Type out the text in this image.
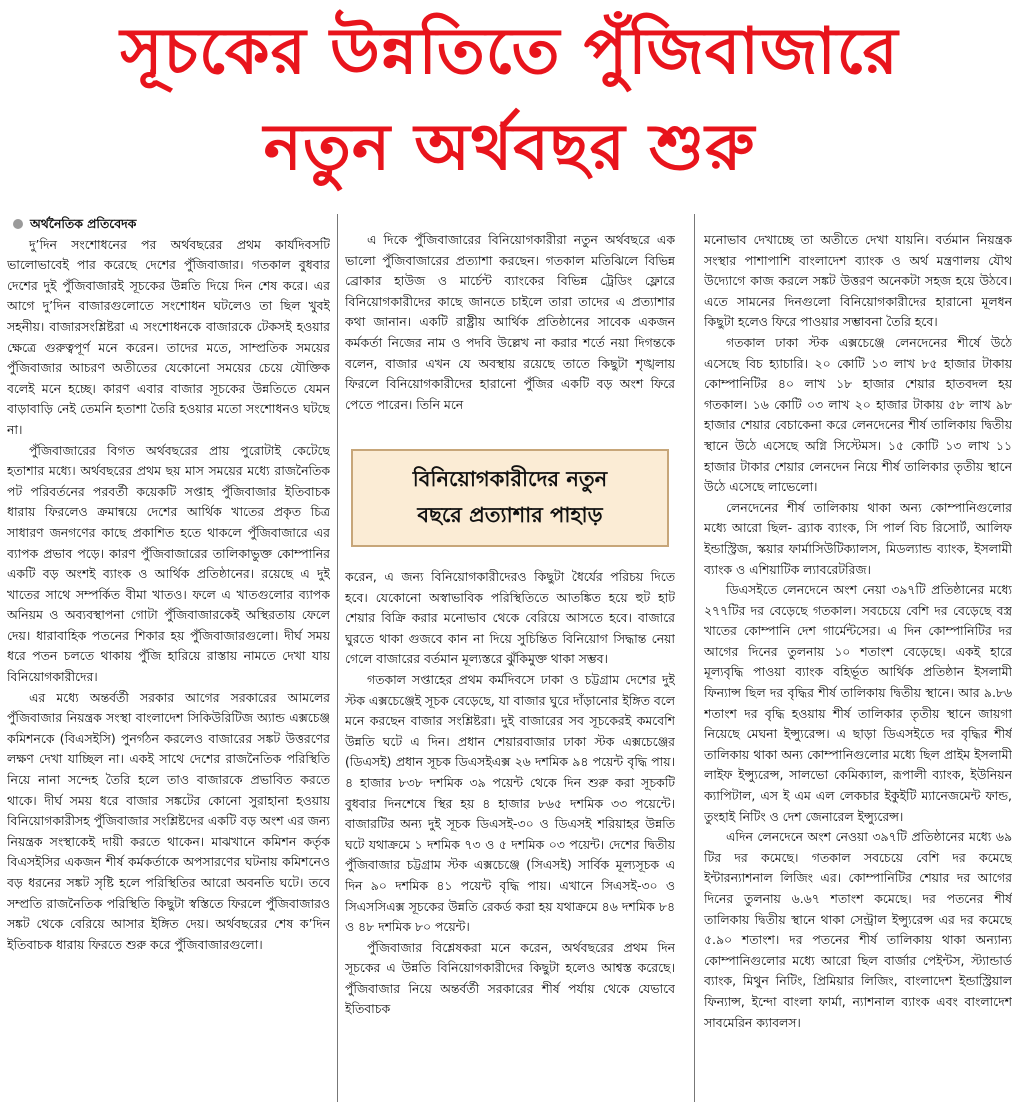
সূচকের উন্নতিতে পুঁজিবাজারে
নতুন অর্থবছর শুরু

অর্থনৈতিক প্রতিবেদক

দু’দিন সংশোধনের পর অর্থবছরের প্রথম কার্যদিবসটি ভালোভাবেই পার করেছে দেশের পুঁজিবাজার। গতকাল বুধবার দেশের দুই পুঁজিবাজারই সূচকের উন্নতি দিয়ে দিন শেষ করে। এর আগে দু’দিন বাজারগুলোতে সংশোধন ঘটলেও তা ছিল খুবই সহনীয়। বাজারসংশ্লিষ্টরা এ সংশোধনকে বাজারকে টেকসই হওয়ার ক্ষেত্রে গুরুত্বপূর্ণ মনে করেন। তাদের মতে, সাম্প্রতিক সময়ের পুঁজিবাজার আচরণ অতীতের যেকোনো সময়ের চেয়ে যৌক্তিক বলেই মনে হচ্ছে। কারণ এবার বাজার সূচকের উন্নতিতে যেমন বাড়াবাড়ি নেই তেমনি হতাশা তৈরি হওয়ার মতো সংশোধনও ঘটছে না।

পুঁজিবাজারের বিগত অর্থবছরের প্রায় পুরোটাই কেটেছে হতাশার মধ্যে। অর্থবছরের প্রথম ছয় মাস সময়ের মধ্যে রাজনৈতিক পট পরিবর্তনের পরবর্তী কয়েকটি সপ্তাহ পুঁজিবাজার ইতিবাচক ধারায় ফিরলেও ক্রমান্বয়ে দেশের আর্থিক খাতের প্রকৃত চিত্র সাধারণ জনগণের কাছে প্রকাশিত হতে থাকলে পুঁজিবাজারে এর ব্যাপক প্রভাব পড়ে। কারণ পুঁজিবাজারের তালিকাভুক্ত কোম্পানির একটি বড় অংশই ব্যাংক ও আর্থিক প্রতিষ্ঠানের। রয়েছে এ দুই খাতের সাথে সম্পর্কিত বীমা খাতও। ফলে এ খাতগুলোর ব্যাপক অনিয়ম ও অব্যবস্থাপনা গোটা পুঁজিবাজারকেই অস্থিরতায় ফেলে দেয়। ধারাবাহিক পতনের শিকার হয় পুঁজিবাজারগুলো। দীর্ঘ সময় ধরে পতন চলতে থাকায় পুঁজি হারিয়ে রাস্তায় নামতে দেখা যায় বিনিয়োগকারীদের।

এর মধ্যে অন্তর্বর্তী সরকার আগের সরকারের আমলের পুঁজিবাজার নিয়ন্ত্রক সংস্থা বাংলাদেশ সিকিউরিটিজ অ্যান্ড এক্সচেঞ্জ কমিশনকে (বিএসইসি) পুনর্গঠন করলেও বাজারের সঙ্কট উত্তরণের লক্ষণ দেখা যাচ্ছিল না। একই সাথে দেশের রাজনৈতিক পরিস্থিতি নিয়ে নানা সন্দেহ তৈরি হলে তাও বাজারকে প্রভাবিত করতে থাকে। দীর্ঘ সময় ধরে বাজার সঙ্কটের কোনো সুরাহানা হওয়ায় বিনিয়োগকারীসহ পুঁজিবাজার সংশ্লিষ্টদের একটি বড় অংশ এর জন্য নিয়ন্ত্রক সংস্থাকেই দায়ী করতে থাকেন। মাঝখানে কমিশন কর্তৃক বিএসইসির একজন শীর্ষ কর্মকর্তাকে অপসারণের ঘটনায় কমিশনেও বড় ধরনের সঙ্কট সৃষ্টি হলে পরিস্থিতির আরো অবনতি ঘটে। তবে সম্প্রতি রাজনৈতিক পরিস্থিতি কিছুটা স্বস্তিতে ফিরলে পুঁজিবাজারও সঙ্কট থেকে বেরিয়ে আসার ইঙ্গিত দেয়। অর্থবছরের শেষ ক’দিন ইতিবাচক ধারায় ফিরতে শুরু করে পুঁজিবাজারগুলো।

এ দিকে পুঁজিবাজারের বিনিয়োগকারীরা নতুন অর্থবছরে এক ভালো পুঁজিবাজারের প্রত্যাশা করছেন। গতকাল মতিঝিলে বিভিন্ন ব্রোকার হাউজ ও মার্চেন্ট ব্যাংকের বিভিন্ন ট্রেডিং ফ্লোরে বিনিয়োগকারীদের কাছে জানতে চাইলে তারা তাদের এ প্রত্যাশার কথা জানান। একটি রাষ্ট্রীয় আর্থিক প্রতিষ্ঠানের সাবেক একজন কর্মকর্তা নিজের নাম ও পদবি উল্লেখ না করার শর্তে নয়া দিগন্তকে বলেন, বাজার এখন যে অবস্থায় রয়েছে তাতে কিছুটা শৃঙ্খলায় ফিরলে বিনিয়োগকারীদের হারানো পুঁজির একটি বড় অংশ ফিরে পেতে পারেন। তিনি মনে

বিনিয়োগকারীদের নতুন
বছরে প্রত্যাশার পাহাড়

করেন, এ জন্য বিনিয়োগকারীদেরও কিছুটা ধৈর্যের পরিচয় দিতে হবে। যেকোনো অস্বাভাবিক পরিস্থিতিতে আতঙ্কিত হয়ে হুট হাট শেয়ার বিক্রি করার মনোভাব থেকে বেরিয়ে আসতে হবে। বাজারে ঘুরতে থাকা গুজবে কান না দিয়ে সুচিন্তিত বিনিয়োগ সিদ্ধান্ত নেয়া গেলে বাজারের বর্তমান মূল্যস্তরে ঝুঁকিমুক্ত থাকা সম্ভব।

গতকাল সপ্তাহের প্রথম কর্মদিবসে ঢাকা ও চট্টগ্রাম দেশের দুই স্টক এক্সচেঞ্জেই সূচক বেড়েছে, যা বাজার ঘুরে দাঁড়ানোর ইঙ্গিত বলে মনে করছেন বাজার সংশ্লিষ্টরা। দুই বাজারের সব সূচকেরই কমবেশি উন্নতি ঘটে এ দিন। প্রধান শেয়ারবাজার ঢাকা স্টক এক্সচেঞ্জের (ডিএসই) প্রধান সূচক ডিএসইএক্স ২৬ দশমিক ৯৪ পয়েন্ট বৃদ্ধি পায়। ৪ হাজার ৮৩৮ দশমিক ৩৯ পয়েন্ট থেকে দিন শুরু করা সূচকটি বুধবার দিনশেষে স্থির হয় ৪ হাজার ৮৬৫ দশমিক ৩৩ পয়েন্টে। বাজারটির অন্য দুই সূচক ডিএসই-৩০ ও ডিএসই শরিয়াহর উন্নতি ঘটে যথাক্রমে ১ দশমিক ৭৩ ও ৫ দশমিক ০৩ পয়েন্ট। দেশের দ্বিতীয় পুঁজিবাজার চট্টগ্রাম স্টক এক্সচেঞ্জে (সিএসই) সার্বিক মূল্যসূচক এ দিন ৯০ দশমিক ৪১ পয়েন্ট বৃদ্ধি পায়। এখানে সিএসই-৩০ ও সিএসসিএক্স সূচকের উন্নতি রেকর্ড করা হয় যথাক্রমে ৪৬ দশমিক ৮৪ ও ৪৮ দশমিক ৮০ পয়েন্ট।

পুঁজিবাজার বিশ্লেষকরা মনে করেন, অর্থবছরের প্রথম দিন সূচকের এ উন্নতি বিনিয়োগকারীদের কিছুটা হলেও আশ্বস্ত করেছে। পুঁজিবাজার নিয়ে অন্তর্বর্তী সরকারের শীর্ষ পর্যায় থেকে যেভাবে ইতিবাচক

মনোভাব দেখাচ্ছে তা অতীতে দেখা যায়নি। বর্তমান নিয়ন্ত্রক সংস্থার পাশাপাশি বাংলাদেশ ব্যাংক ও অর্থ মন্ত্রণালয় যৌথ উদ্যোগে কাজ করলে সঙ্কট উত্তরণ অনেকটা সহজ হয়ে উঠবে। এতে সামনের দিনগুলো বিনিয়োগকারীদের হারানো মূলধন কিছুটা হলেও ফিরে পাওয়ার সম্ভাবনা তৈরি হবে।

গতকাল ঢাকা স্টক এক্সচেঞ্জে লেনদেনের শীর্ষে উঠে এসেছে বিচ হ্যাচারি। ২০ কোটি ১৩ লাখ ৮৫ হাজার টাকায় কোম্পানিটির ৪০ লাখ ১৮ হাজার শেয়ার হাতবদল হয় গতকাল। ১৬ কোটি ০৩ লাখ ২০ হাজার টাকায় ৫৮ লাখ ৯৮ হাজার শেয়ার বেচাকেনা করে লেনদেনের শীর্ষ তালিকায় দ্বিতীয় স্থানে উঠে এসেছে অগ্নি সিস্টেমস। ১৫ কোটি ১৩ লাখ ১১ হাজার টাকার শেয়ার লেনদেন নিয়ে শীর্ষ তালিকার তৃতীয় স্থানে উঠে এসেছে লাভেলো।

লেনদেনের শীর্ষ তালিকায় থাকা অন্য কোম্পানিগুলোর মধ্যে আরো ছিল- ব্র্যাক ব্যাংক, সি পার্ল বিচ রিসোর্ট, আলিফ ইন্ডাস্ট্রিজ, স্কয়ার ফার্মাসিউটিক্যালস, মিডল্যান্ড ব্যাংক, ইসলামী ব্যাংক ও এশিয়াটিক ল্যাবরেটরিজ।

ডিএসইতে লেনদেনে অংশ নেয়া ৩৯৭টি প্রতিষ্ঠানের মধ্যে ২৭৭টির দর বেড়েছে গতকাল। সবচেয়ে বেশি দর বেড়েছে বস্ত্র খাতের কোম্পানি দেশ গার্মেন্টসের। এ দিন কোম্পানিটির দর আগের দিনের তুলনায় ১০ শতাংশ বেড়েছে। একই হারে মূল্যবৃদ্ধি পাওয়া ব্যাংক বহির্ভূত আর্থিক প্রতিষ্ঠান ইসলামী ফিন্যান্স ছিল দর বৃদ্ধির শীর্ষ তালিকায় দ্বিতীয় স্থানে। আর ৯.৮৬ শতাংশ দর বৃদ্ধি হওয়ায় শীর্ষ তালিকার তৃতীয় স্থানে জায়গা নিয়েছে মেঘনা ইন্স্যুরেন্স। এ ছাড়া ডিএসইতে দর বৃদ্ধির শীর্ষ তালিকায় থাকা অন্য কোম্পানিগুলোর মধ্যে ছিল প্রাইম ইসলামী লাইফ ইন্স্যুরেন্স, সালভো কেমিক্যাল, রূপালী ব্যাংক, ইউনিয়ন ক্যাপিটাল, এস ই এম এল লেকচার ইকুইটি ম্যানেজমেন্ট ফান্ড, তুংহাই নিটিং ও দেশ জেনারেল ইন্স্যুরেন্স।

এদিন লেনদেনে অংশ নেওয়া ৩৯৭টি প্রতিষ্ঠানের মধ্যে ৬৯ টির দর কমেছে। গতকাল সবচেয়ে বেশি দর কমেছে ইন্টারন্যাশনাল লিজিং এর। কোম্পানিটির শেয়ার দর আগের দিনের তুলনায় ৬.৬৭ শতাংশ কমেছে। দর পতনের শীর্ষ তালিকায় দ্বিতীয় স্থানে থাকা সেন্ট্রাল ইন্স্যুরেন্স এর দর কমেছে ৫.৯০ শতাংশ। দর পতনের শীর্ষ তালিকায় থাকা অন্যান্য কোম্পানিগুলোর মধ্যে আরো ছিল বার্জার পেইন্টস, স্ট্যান্ডার্ড ব্যাংক, মিথুন নিটিং, প্রিমিয়ার লিজিং, বাংলাদেশ ইন্ডাস্ট্রিয়াল ফিন্যান্স, ইন্দো বাংলা ফার্মা, ন্যাশনাল ব্যাংক এবং বাংলাদেশ সাবমেরিন ক্যাবলস।
